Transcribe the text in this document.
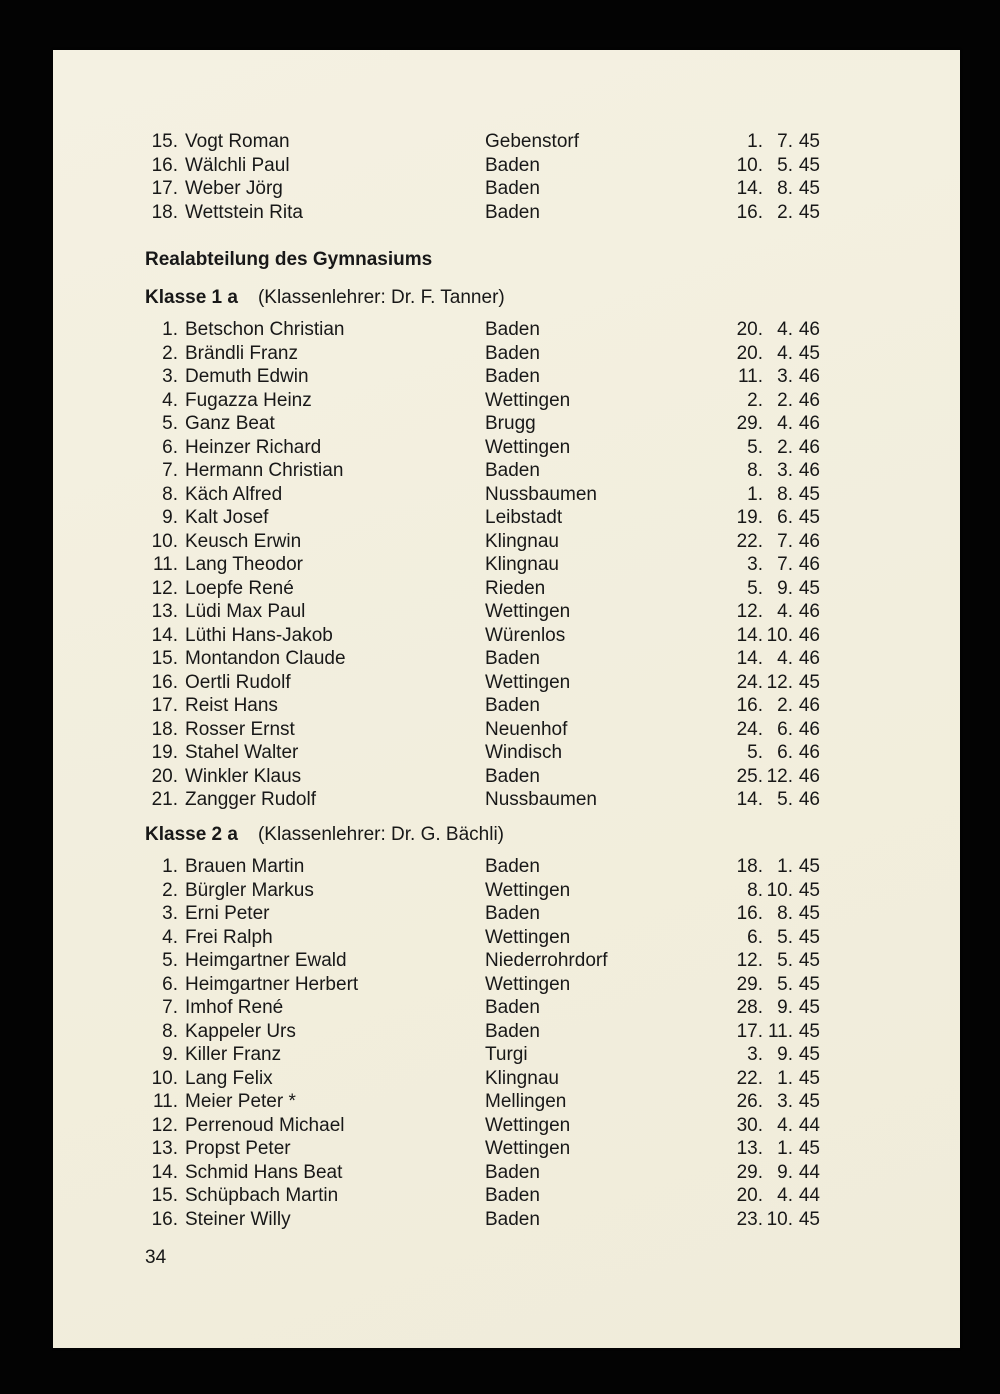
15. Vogt Roman	Gebenstorf	1. 7. 45
16. Wälchli Paul	Baden	10. 5. 45
17. Weber Jörg	Baden	14. 8. 45
18. Wettstein Rita	Baden	16. 2. 45
Realabteilung des Gymnasiums
Klasse 1 a (Klassenlehrer: Dr. F. Tanner)
1. Betschon Christian	Baden	20. 4. 46
2. Brändli Franz	Baden	20. 4. 45
3. Demuth Edwin	Baden	11. 3. 46
4. Fugazza Heinz	Wettingen	2. 2. 46
5. Ganz Beat	Brugg	29. 4. 46
6. Heinzer Richard	Wettingen	5. 2. 46
7. Hermann Christian	Baden	8. 3. 46
8. Käch Alfred	Nussbaumen	1. 8. 45
9. Kalt Josef	Leibstadt	19. 6. 45
10. Keusch Erwin	Klingnau	22. 7. 46
11. Lang Theodor	Klingnau	3. 7. 46
12. Loepfe René	Rieden	5. 9. 45
13. Lüdi Max Paul	Wettingen	12. 4. 46
14. Lüthi Hans-Jakob	Würenlos	14. 10. 46
15. Montandon Claude	Baden	14. 4. 46
16. Oertli Rudolf	Wettingen	24. 12. 45
17. Reist Hans	Baden	16. 2. 46
18. Rosser Ernst	Neuenhof	24. 6. 46
19. Stahel Walter	Windisch	5. 6. 46
20. Winkler Klaus	Baden	25. 12. 46
21. Zangger Rudolf	Nussbaumen	14. 5. 46
Klasse 2 a (Klassenlehrer: Dr. G. Bächli)
1. Brauen Martin	Baden	18. 1. 45
2. Bürgler Markus	Wettingen	8. 10. 45
3. Erni Peter	Baden	16. 8. 45
4. Frei Ralph	Wettingen	6. 5. 45
5. Heimgartner Ewald	Niederrohrdorf	12. 5. 45
6. Heimgartner Herbert	Wettingen	29. 5. 45
7. Imhof René	Baden	28. 9. 45
8. Kappeler Urs	Baden	17. 11. 45
9. Killer Franz	Turgi	3. 9. 45
10. Lang Felix	Klingnau	22. 1. 45
11. Meier Peter *	Mellingen	26. 3. 45
12. Perrenoud Michael	Wettingen	30. 4. 44
13. Propst Peter	Wettingen	13. 1. 45
14. Schmid Hans Beat	Baden	29. 9. 44
15. Schüpbach Martin	Baden	20. 4. 44
16. Steiner Willy	Baden	23. 10. 45
34
